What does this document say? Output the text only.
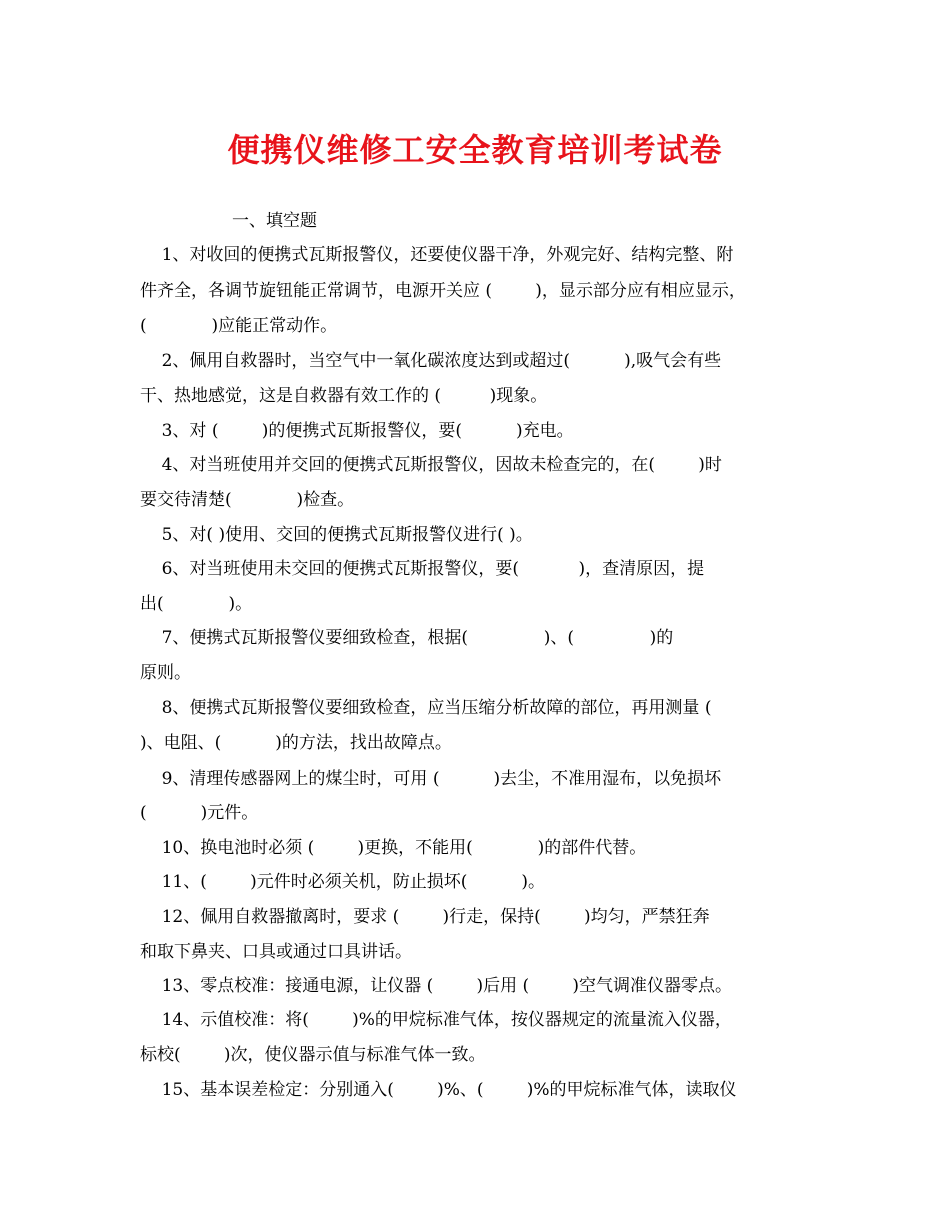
便携仪维修工安全教育培训考试卷

一、填空题

1、对收回的便携式瓦斯报警仪，还要使仪器干净，外观完好、结构完整、附

件齐全，各调节旋钮能正常调节，电源开关应 (        )，显示部分应有相应显示，

(            )应能正常动作。

2、佩用自救器时，当空气中一氧化碳浓度达到或超过(          ),吸气会有些

干、热地感觉，这是自救器有效工作的 (         )现象。

3、对 (        )的便携式瓦斯报警仪，要(          )充电。

4、对当班使用并交回的便携式瓦斯报警仪，因故未检查完的，在(        )时

要交待清楚(            )检查。

5、对( )使用、交回的便携式瓦斯报警仪进行( )。

6、对当班使用未交回的便携式瓦斯报警仪，要(           )，查清原因，提

出(            )。

7、便携式瓦斯报警仪要细致检查，根据(              )、(              )的

原则。

8、便携式瓦斯报警仪要细致检查，应当压缩分析故障的部位，再用测量 (

)、电阻、(          )的方法，找出故障点。

9、清理传感器网上的煤尘时，可用 (          )去尘，不准用湿布，以免损坏

(          )元件。

10、换电池时必须 (        )更换，不能用(            )的部件代替。

11、(        )元件时必须关机，防止损坏(          )。

12、佩用自救器撤离时，要求 (        )行走，保持(        )均匀，严禁狂奔

和取下鼻夹、口具或通过口具讲话。

13、零点校准：接通电源，让仪器 (        )后用 (        )空气调准仪器零点。

14、示值校准：将(        )%的甲烷标准气体，按仪器规定的流量流入仪器，

标校(        )次，使仪器示值与标准气体一致。

15、基本误差检定：分别通入(        )%、(        )%的甲烷标准气体，读取仪
